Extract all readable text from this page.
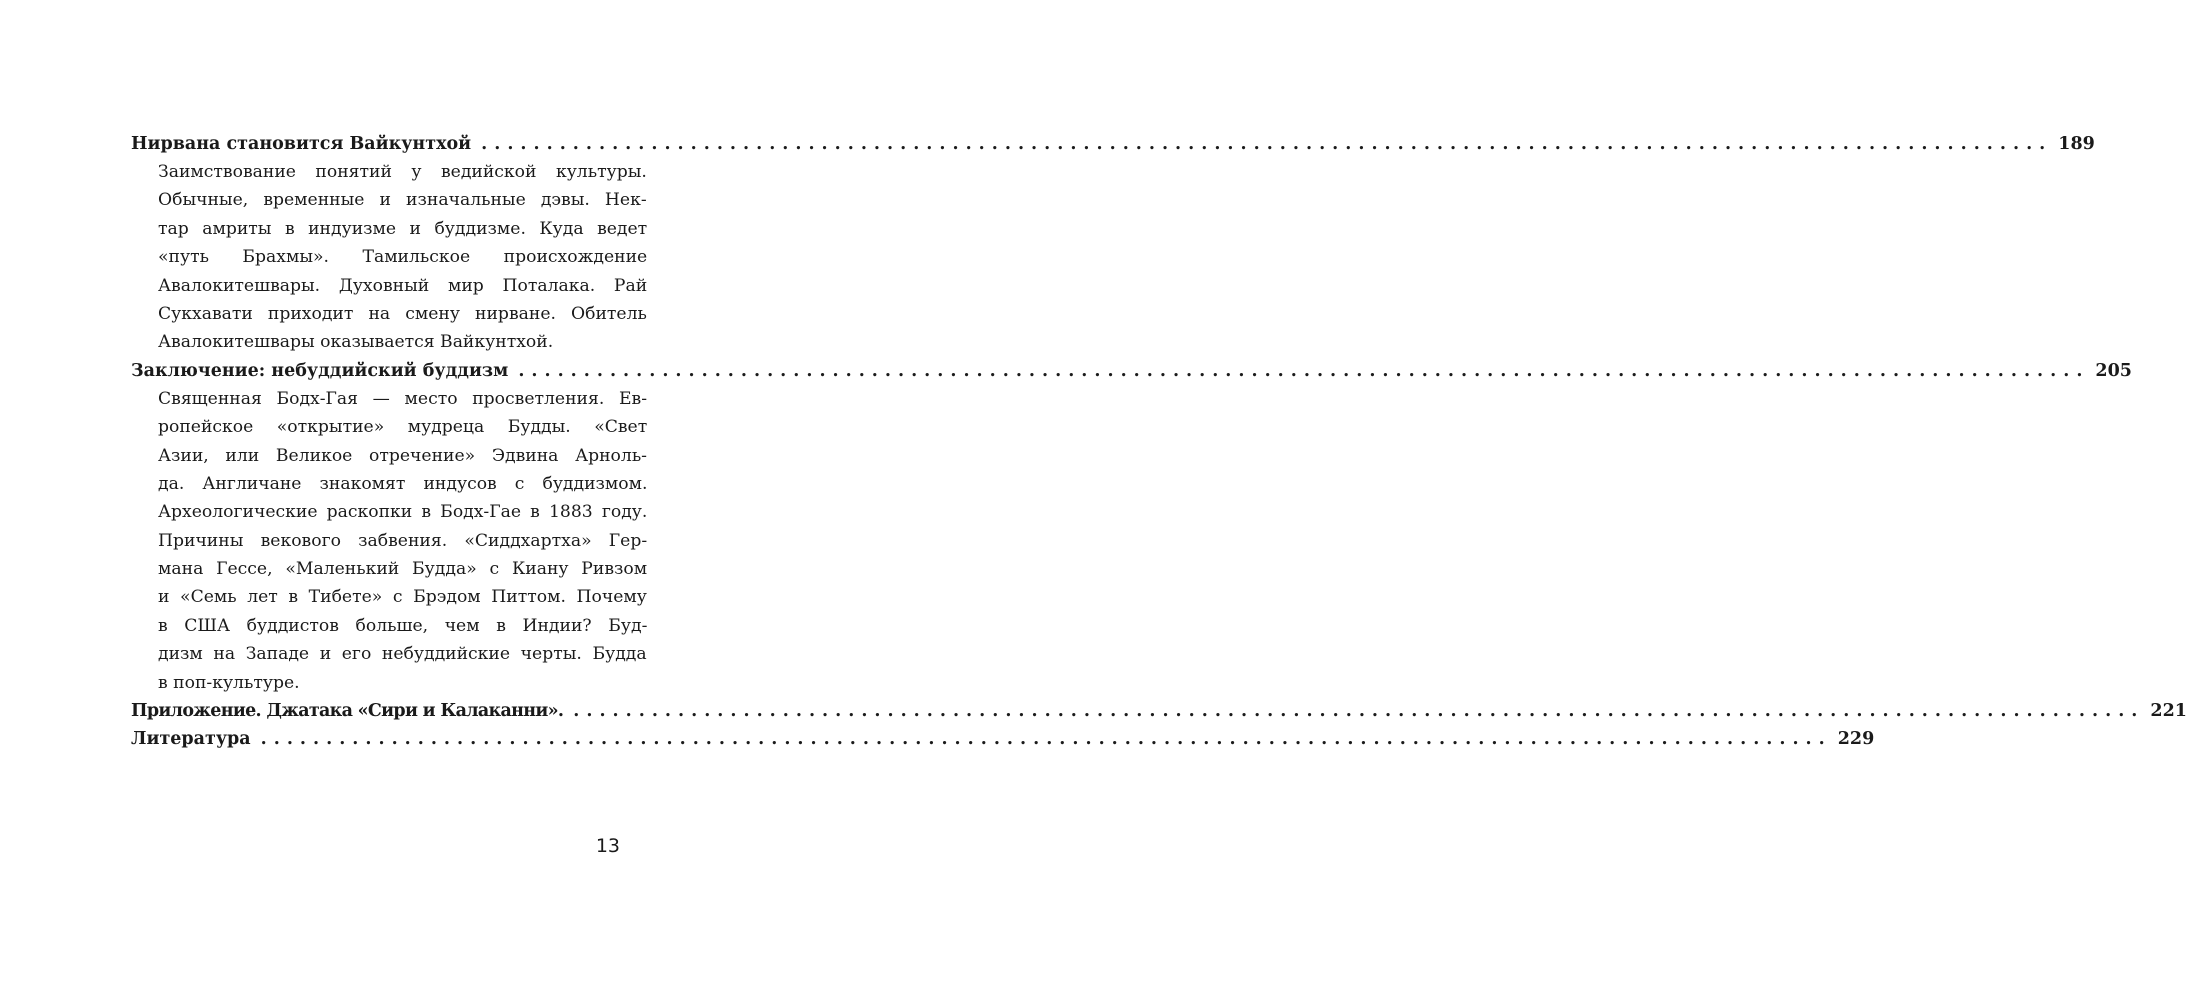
Нирвана становится Вайкунтхой ........................................................................................................................ 189
Заимствование понятий у ведийской культуры.
Обычные, временные и изначальные дэвы. Нек-
тар амриты в индуизме и буддизме. Куда ведет
«путь Брахмы». Тамильское происхождение
Авалокитешвары. Духовный мир Поталака. Рай
Сукхавати приходит на смену нирване. Обитель
Авалокитешвары оказывается Вайкунтхой.
Заключение: небуддийский буддизм ........................................................................................................................ 205
Священная Бодх-Гая — место просветления. Ев-
ропейское «открытие» мудреца Будды. «Свет
Азии, или Великое отречение» Эдвина Арноль-
да. Англичане знакомят индусов с буддизмом.
Археологические раскопки в Бодх-Гае в 1883 году.
Причины векового забвения. «Сиддхартха» Гер-
мана Гессе, «Маленький Будда» с Киану Ривзом
и «Семь лет в Тибете» с Брэдом Питтом. Почему
в США буддистов больше, чем в Индии? Буд-
дизм на Западе и его небуддийские черты. Будда
в поп-культуре.
Приложение. Джатака «Сири и Калаканни». ........................................................................................................................ 221
Литература ........................................................................................................................ 229
13
